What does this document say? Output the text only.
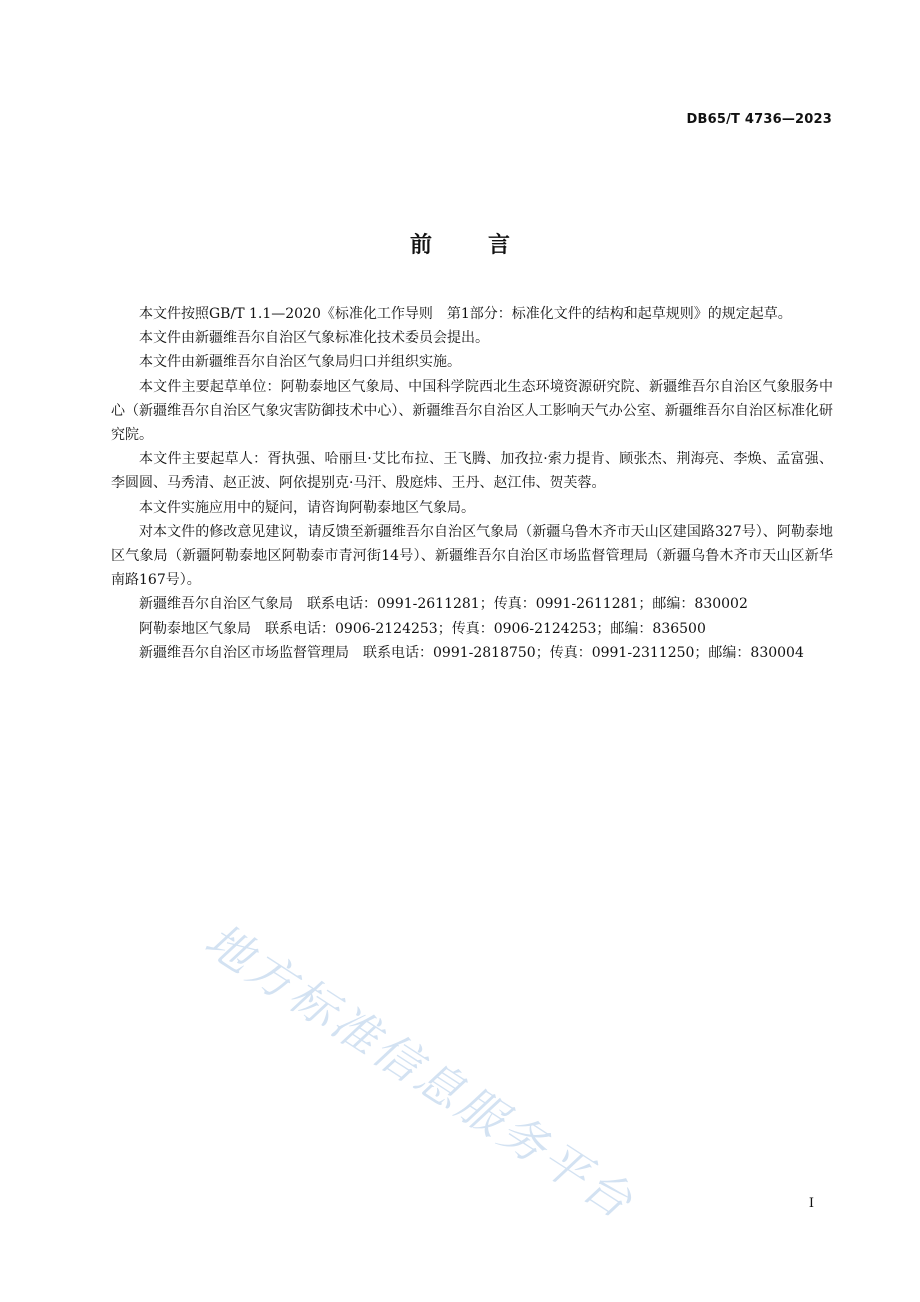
DB65/T 4736—2023
前	言

本文件按照GB/T 1.1—2020《标准化工作导则　第1部分：标准化文件的结构和起草规则》的规定起草。

本文件由新疆维吾尔自治区气象标准化技术委员会提出。

本文件由新疆维吾尔自治区气象局归口并组织实施。

本文件主要起草单位：阿勒泰地区气象局、中国科学院西北生态环境资源研究院、新疆维吾尔自治区气象服务中心（新疆维吾尔自治区气象灾害防御技术中心）、新疆维吾尔自治区人工影响天气办公室、新疆维吾尔自治区标准化研究院。

本文件主要起草人：胥执强、哈丽旦·艾比布拉、王飞腾、加孜拉·索力提肯、顾张杰、荆海亮、李焕、孟富强、李圆圆、马秀清、赵正波、阿依提别克·马汗、殷庭炜、王丹、赵江伟、贺芙蓉。

本文件实施应用中的疑问，请咨询阿勒泰地区气象局。

对本文件的修改意见建议，请反馈至新疆维吾尔自治区气象局（新疆乌鲁木齐市天山区建国路327号）、阿勒泰地区气象局（新疆阿勒泰地区阿勒泰市青河街14号）、新疆维吾尔自治区市场监督管理局（新疆乌鲁木齐市天山区新华南路167号）。

新疆维吾尔自治区气象局　联系电话：0991-2611281；传真：0991-2611281；邮编：830002

阿勒泰地区气象局　联系电话：0906-2124253；传真：0906-2124253；邮编：836500

新疆维吾尔自治区市场监督管理局　联系电话：0991-2818750；传真：0991-2311250；邮编：830004

地方标准信息服务平台	I
